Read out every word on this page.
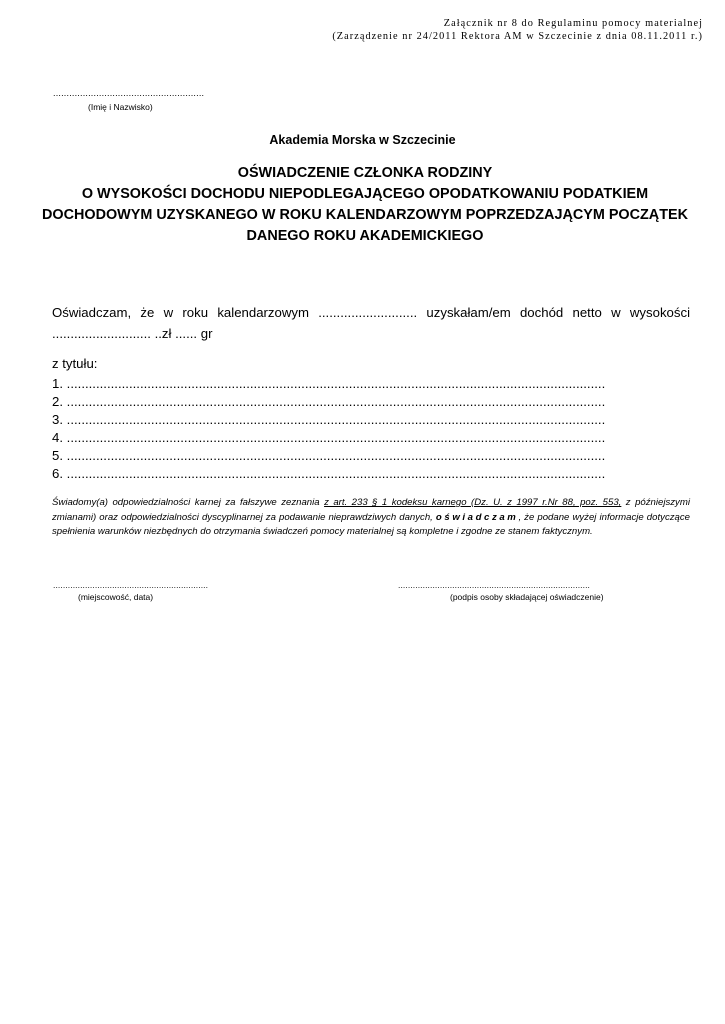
Załącznik nr 8 do Regulaminu pomocy materialnej
(Zarządzenie nr 24/2011 Rektora AM w Szczecinie z dnia 08.11.2011 r.)
........................................................
(Imię i Nazwisko)
Akademia Morska w Szczecinie
OŚWIADCZENIE CZŁONKA RODZINY
O WYSOKOŚCI DOCHODU NIEPODLEGAJĄCEGO OPODATKOWANIU PODATKIEM
DOCHODOWYM UZYSKANEGO W ROKU KALENDARZOWYM POPRZEDZAJĄCYM POCZĄTEK
DANEGO ROKU AKADEMICKIEGO
Oświadczam, że w roku kalendarzowym ........................... uzyskałam/em dochód netto w wysokości ........................... ..zł ...... gr
z tytułu:
1. ...................................................................................................................................................
2. ...................................................................................................................................................
3. ...................................................................................................................................................
4. ...................................................................................................................................................
5. ...................................................................................................................................................
6. ...................................................................................................................................................
Świadomy(a) odpowiedzialności karnej za fałszywe zeznania z art. 233 § 1 kodeksu karnego (Dz. U. z 1997 r.Nr 88, poz. 553, z późniejszymi zmianami) oraz odpowiedzialności dyscyplinarnej za podawanie nieprawdziwych danych, oświadczam, że podane wyżej informacje dotyczące spełnienia warunków niezbędnych do otrzymania świadczeń pomocy materialnej są kompletne i zgodne ze stanem faktycznym.
...............................................................
(miejscowość, data)
..............................................................................
(podpis osoby składającej oświadczenie)
